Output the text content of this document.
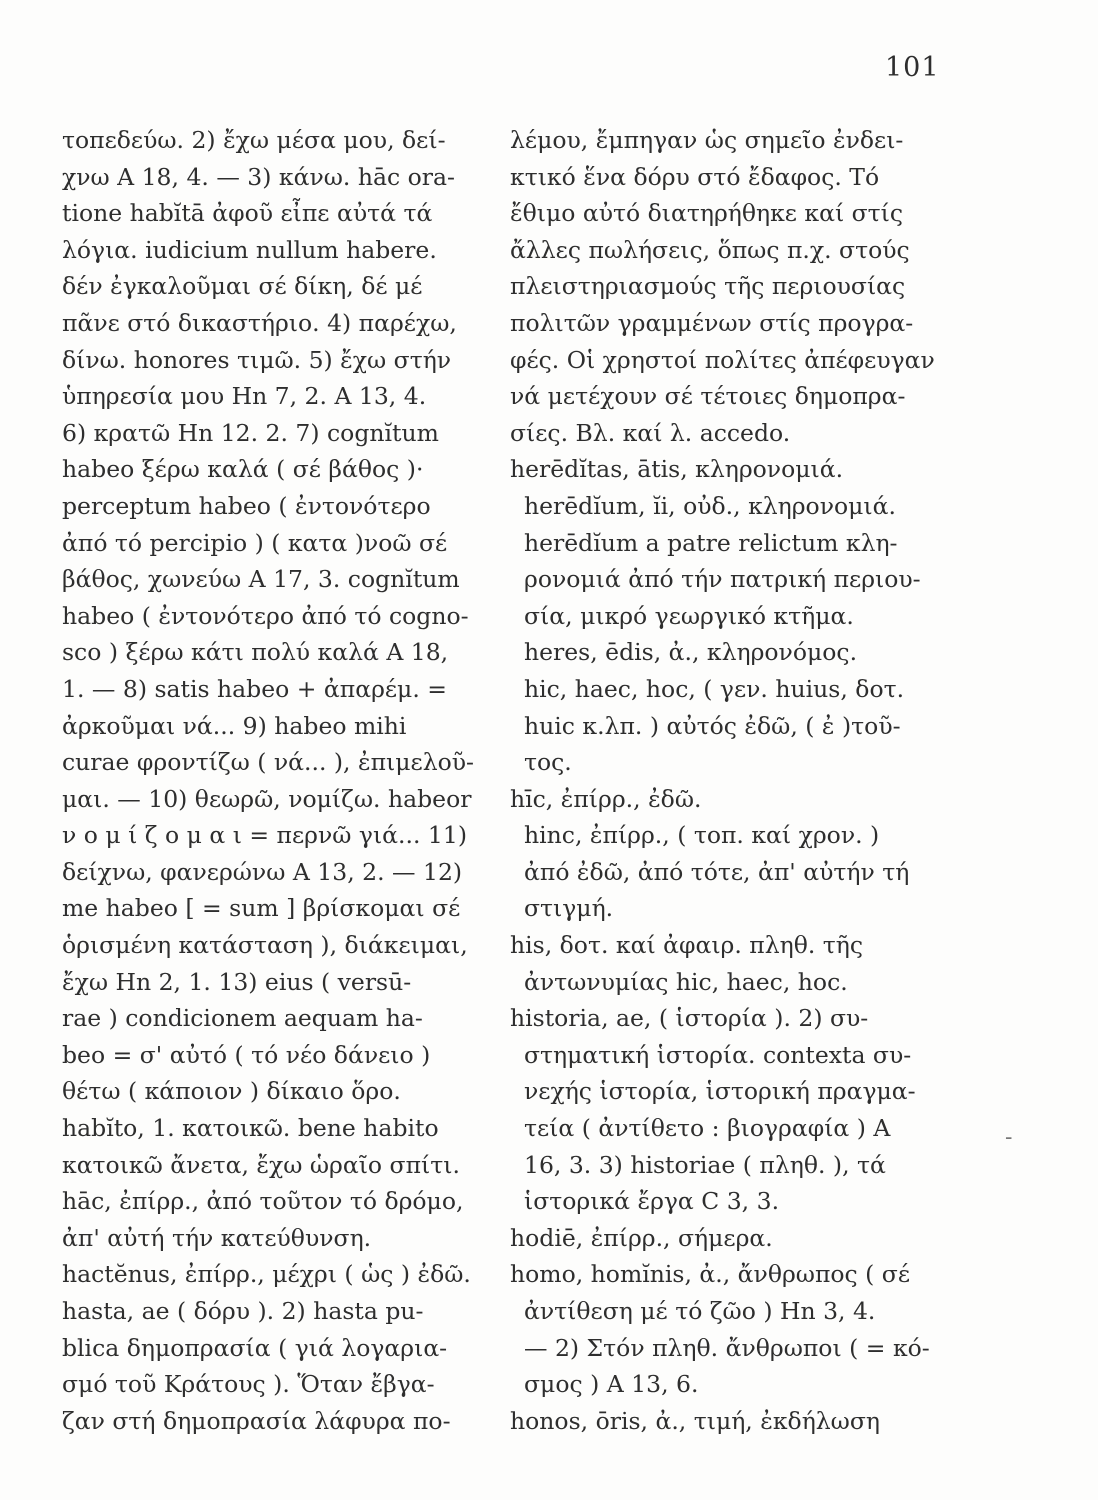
101
τοπεδεύω. 2) ἔχω μέσα μου, δεί-
χνω A 18, 4. — 3) κάνω. hāc ora-
tione habĭtā ἀφοῦ εἶπε αὐτά τά
λόγια. iudicium nullum habere.
δέν ἐγκαλοῦμαι σέ δίκη, δέ μέ
πᾶνε στό δικαστήριο. 4) παρέχω,
δίνω. honores τιμῶ. 5) ἔχω στήν
ὑπηρεσία μου Hn 7, 2. A 13, 4.
6) κρατῶ Hn 12. 2. 7) cognĭtum
habeo ξέρω καλά ( σέ βάθος )·
perceptum habeo ( ἐντονότερο
ἀπό τό percipio ) ( κατα )νοῶ σέ
βάθος, χωνεύω A 17, 3. cognĭtum
habeo ( ἐντονότερο ἀπό τό cogno-
sco ) ξέρω κάτι πολύ καλά A 18,
1. — 8) satis habeo + ἀπαρέμ. =
ἀρκοῦμαι νά... 9) habeo mihi
curae φροντίζω ( νά... ), ἐπιμελοῦ-
μαι. — 10) θεωρῶ, νομίζω. habeor
ν ο μ ί ζ ο μ α ι = περνῶ γιά... 11)
δείχνω, φανερώνω A 13, 2. — 12)
me habeo [ = sum ] βρίσκομαι σέ
ὁρισμένη κατάσταση ), διάκειμαι,
ἔχω Hn 2, 1. 13) eius ( versū-
rae ) condicionem aequam ha-
beo = σ' αὐτό ( τό νέο δάνειο )
θέτω ( κάποιον ) δίκαιο ὅρο.
habĭto, 1. κατοικῶ. bene habito
κατοικῶ ἄνετα, ἔχω ὡραῖο σπίτι.
hāc, ἐπίρρ., ἀπό τοῦτον τό δρόμο,
ἀπ' αὐτή τήν κατεύθυνση.
hactĕnus, ἐπίρρ., μέχρι ( ὡς ) ἐδῶ.
hasta, ae ( δόρυ ). 2) hasta pu-
blica δημοπρασία ( γιά λογαρια-
σμό τοῦ Κράτους ). Ὅταν ἔβγα-
ζαν στή δημοπρασία λάφυρα πο-
λέμου, ἔμπηγαν ὡς σημεῖο ἐνδει-
κτικό ἕνα δόρυ στό ἔδαφος. Τό
ἔθιμο αὐτό διατηρήθηκε καί στίς
ἄλλες πωλήσεις, ὅπως π.χ. στούς
πλειστηριασμούς τῆς περιουσίας
πολιτῶν γραμμένων στίς προγρα-
φές. Οἱ χρηστοί πολίτες ἀπέφευγαν
νά μετέχουν σέ τέτοιες δημοπρα-
σίες. Βλ. καί λ. accedo.
herēdĭtas, ātis, κληρονομιά.
herēdĭum, ĭi, οὐδ., κληρονομιά.
herēdĭum a patre relictum κλη-
ρονομιά ἀπό τήν πατρική περιου-
σία, μικρό γεωργικό κτῆμα.
heres, ēdis, ἀ., κληρονόμος.
hic, haec, hoc, ( γεν. huius, δοτ.
huic κ.λπ. ) αὐτός ἐδῶ, ( ἐ )τοῦ-
τος.
hīc, ἐπίρρ., ἐδῶ.
hinc, ἐπίρρ., ( τοπ. καί χρον. )
ἀπό ἐδῶ, ἀπό τότε, ἀπ' αὐτήν τή
στιγμή.
his, δοτ. καί ἀφαιρ. πληθ. τῆς
ἀντωνυμίας hic, haec, hoc.
historia, ae, ( ἱστορία ). 2) συ-
στηματική ἱστορία. contexta συ-
νεχής ἱστορία, ἱστορική πραγμα-
τεία ( ἀντίθετο : βιογραφία ) A
16, 3. 3) historiae ( πληθ. ), τά
ἱστορικά ἔργα C 3, 3.
hodiē, ἐπίρρ., σήμερα.
homo, homĭnis, ἀ., ἄνθρωπος ( σέ
ἀντίθεση μέ τό ζῶο ) Hn 3, 4.
— 2) Στόν πληθ. ἄνθρωποι ( = κό-
σμος ) A 13, 6.
honos, ōris, ἀ., τιμή, ἐκδήλωση
-
